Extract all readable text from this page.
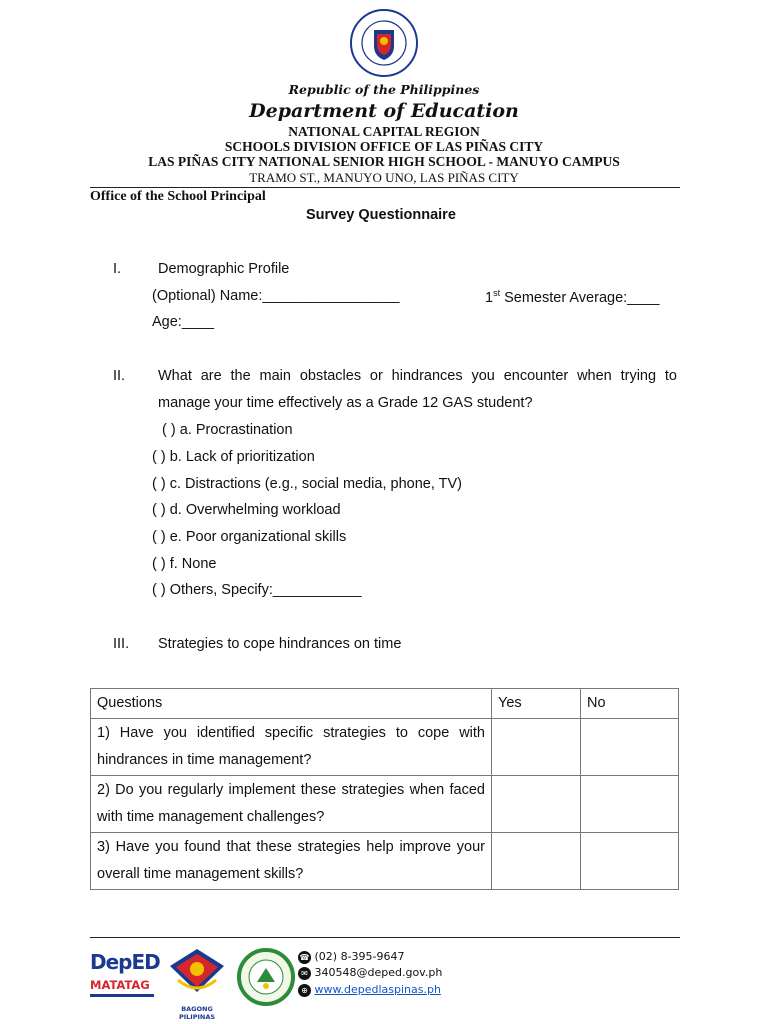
Republic of the Philippines
Department of Education
NATIONAL CAPITAL REGION
SCHOOLS DIVISION OFFICE OF LAS PIÑAS CITY
LAS PIÑAS CITY NATIONAL SENIOR HIGH SCHOOL - MANUYO CAMPUS
TRAMO ST., MANUYO UNO, LAS PIÑAS CITY
Office of the School Principal
Survey Questionnaire
I.	Demographic Profile
(Optional) Name:_________________	1st Semester Average:____
Age:____
II. What are the main obstacles or hindrances you encounter when trying to
manage your time effectively as a Grade 12 GAS student?
( ) a. Procrastination
( ) b. Lack of prioritization
( ) c. Distractions (e.g., social media, phone, TV)
( ) d. Overwhelming workload
( ) e. Poor organizational skills
( ) f. None
( ) Others, Specify:___________
III. Strategies to cope hindrances on time
Questions	Yes	No

1) Have you identified specific strategies to cope with
hindrances in time management?		

2) Do you regularly implement these strategies when faced
with time management challenges?		

3) Have you found that these strategies help improve your
overall time management skills?		

DepED
MATATAG
BAGONG PILIPINAS
☎ (02) 8-395-9647
✉ 340548@deped.gov.ph
⊕ www.depedlaspinas.ph
